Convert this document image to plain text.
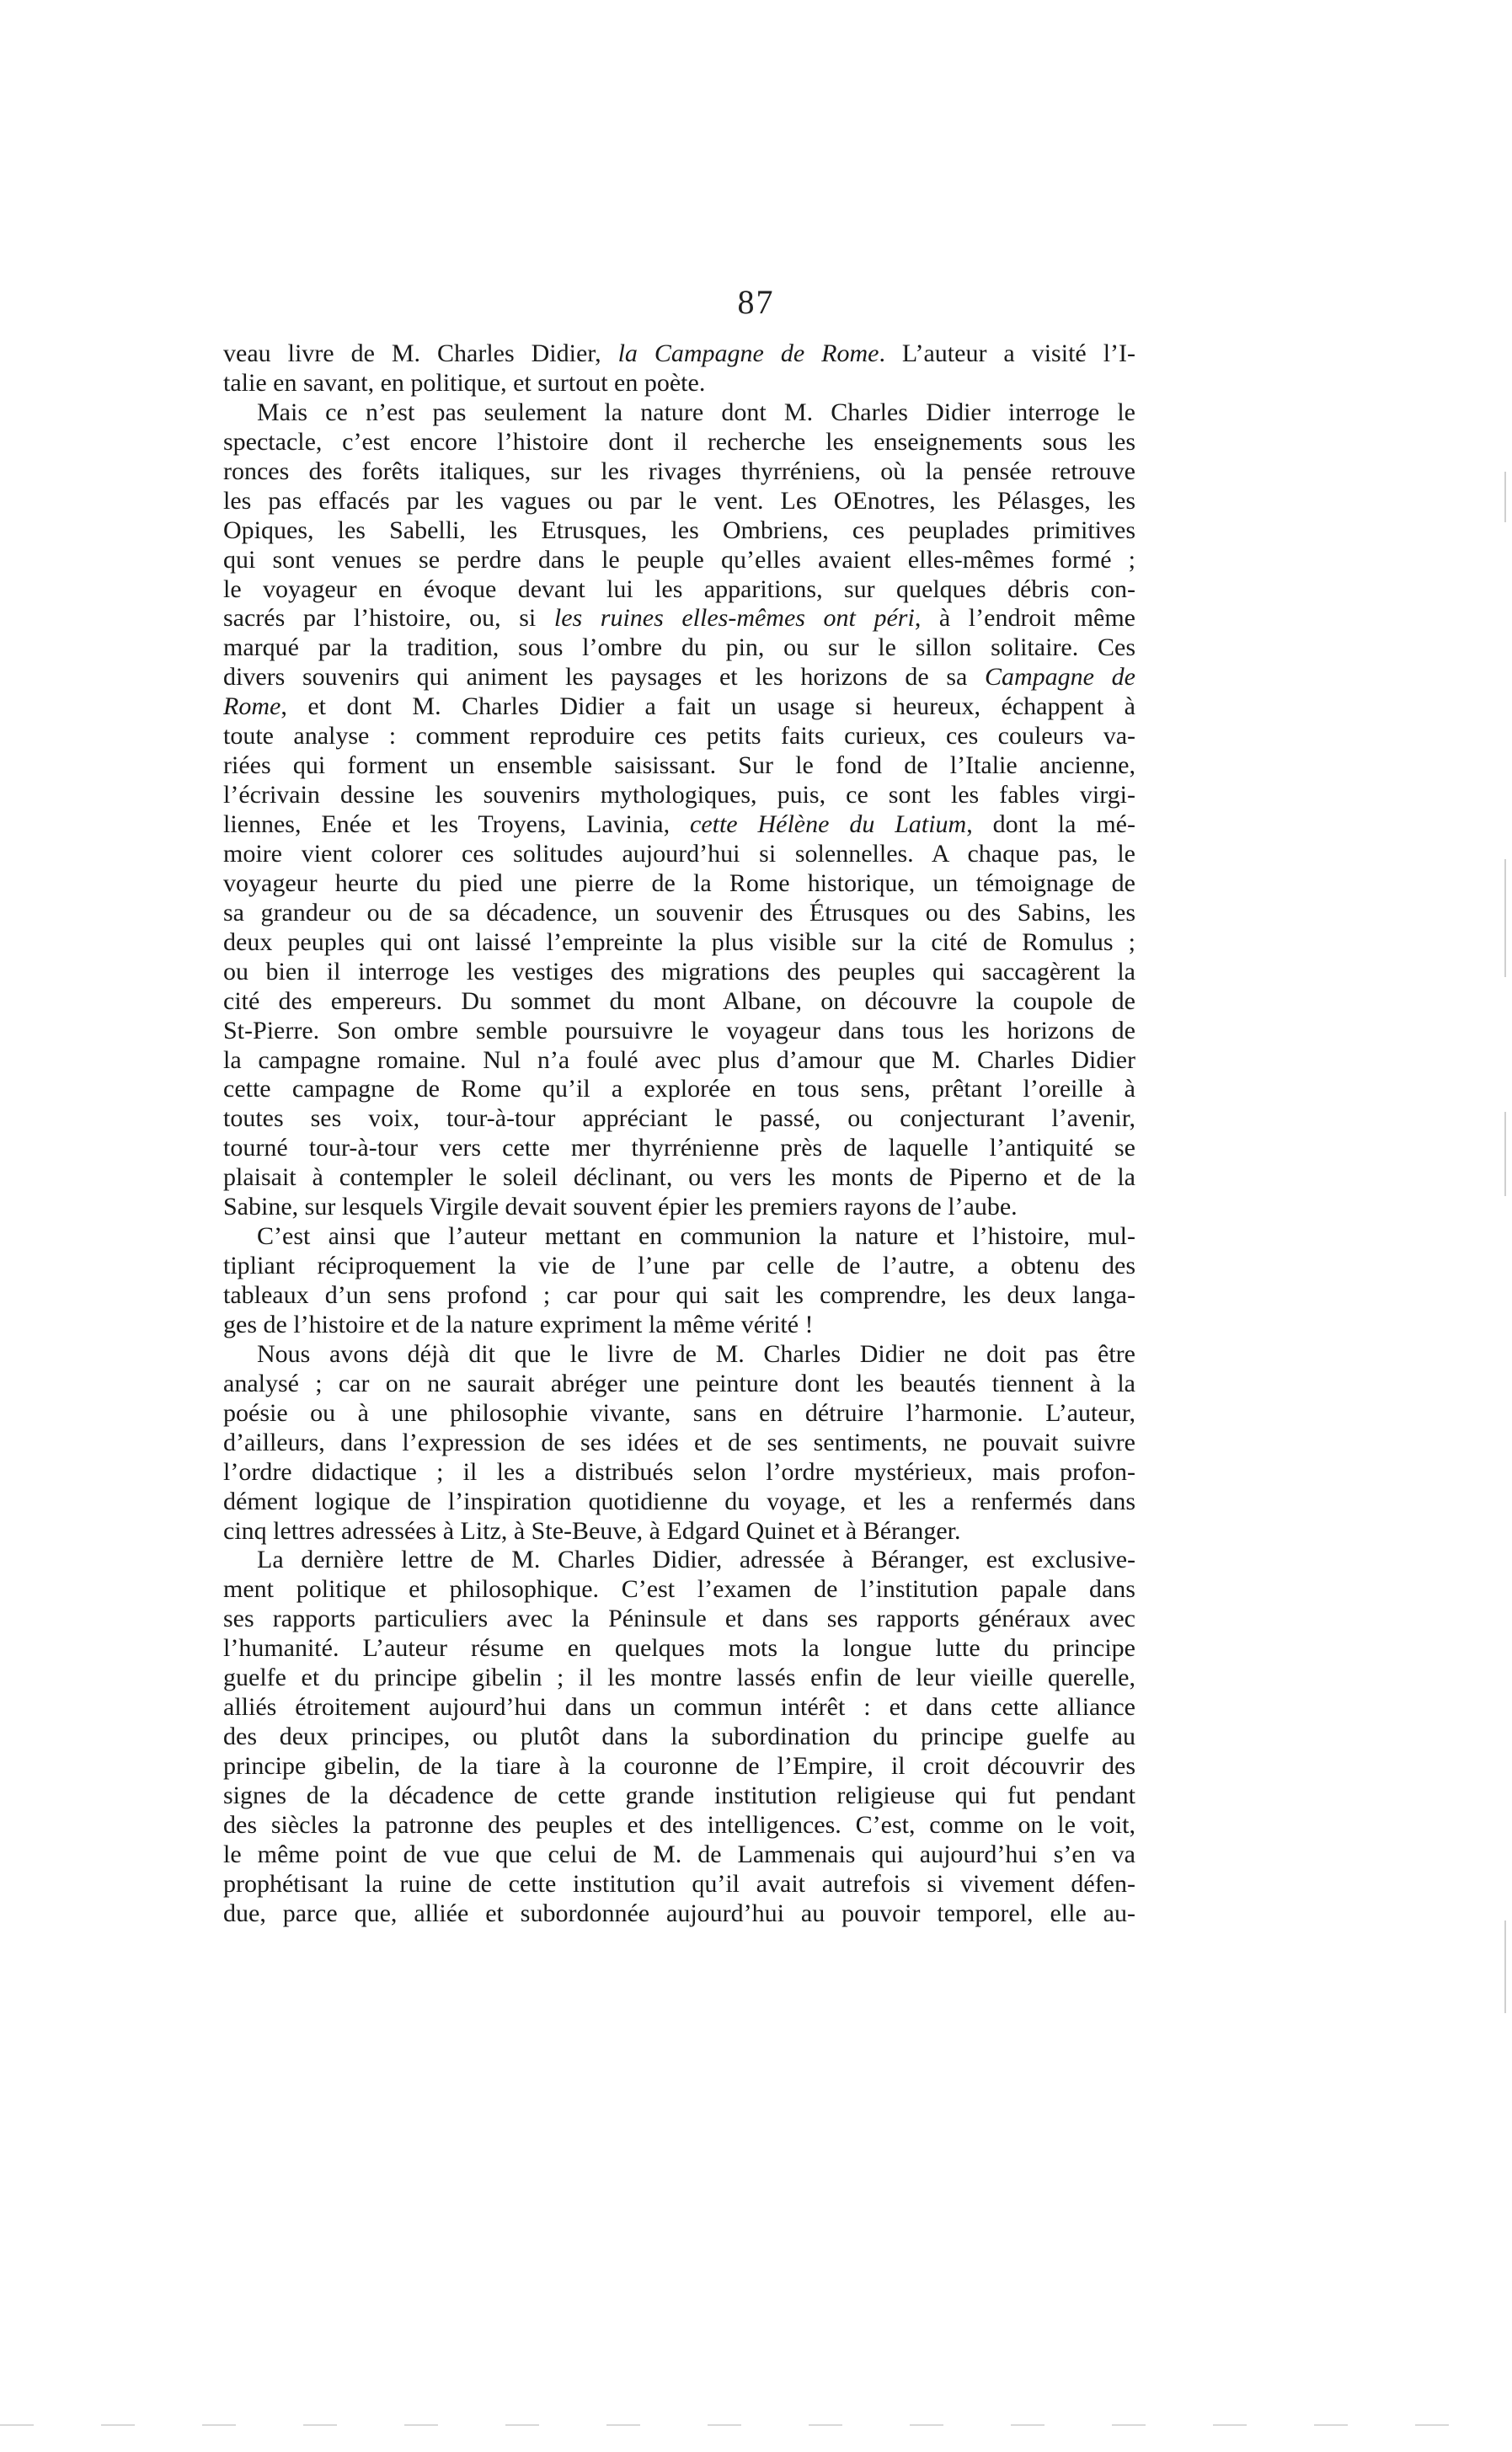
87
veau livre de M. Charles Didier, la Campagne de Rome. L’auteur a visité l’I-
talie en savant, en politique, et surtout en poète.
Mais ce n’est pas seulement la nature dont M. Charles Didier interroge le
spectacle, c’est encore l’histoire dont il recherche les enseignements sous les
ronces des forêts italiques, sur les rivages thyrréniens, où la pensée retrouve
les pas effacés par les vagues ou par le vent. Les OEnotres, les Pélasges, les
Opiques, les Sabelli, les Etrusques, les Ombriens, ces peuplades primitives
qui sont venues se perdre dans le peuple qu’elles avaient elles-mêmes formé ;
le voyageur en évoque devant lui les apparitions, sur quelques débris con-
sacrés par l’histoire, ou, si les ruines elles-mêmes ont péri, à l’endroit même
marqué par la tradition, sous l’ombre du pin, ou sur le sillon solitaire. Ces
divers souvenirs qui animent les paysages et les horizons de sa Campagne de
Rome, et dont M. Charles Didier a fait un usage si heureux, échappent à
toute analyse : comment reproduire ces petits faits curieux, ces couleurs va-
riées qui forment un ensemble saisissant. Sur le fond de l’Italie ancienne,
l’écrivain dessine les souvenirs mythologiques, puis, ce sont les fables virgi-
liennes, Enée et les Troyens, Lavinia, cette Hélène du Latium, dont la mé-
moire vient colorer ces solitudes aujourd’hui si solennelles. A chaque pas, le
voyageur heurte du pied une pierre de la Rome historique, un témoignage de
sa grandeur ou de sa décadence, un souvenir des Étrusques ou des Sabins, les
deux peuples qui ont laissé l’empreinte la plus visible sur la cité de Romulus ;
ou bien il interroge les vestiges des migrations des peuples qui saccagèrent la
cité des empereurs. Du sommet du mont Albane, on découvre la coupole de
St-Pierre. Son ombre semble poursuivre le voyageur dans tous les horizons de
la campagne romaine. Nul n’a foulé avec plus d’amour que M. Charles Didier
cette campagne de Rome qu’il a explorée en tous sens, prêtant l’oreille à
toutes ses voix, tour-à-tour appréciant le passé, ou conjecturant l’avenir,
tourné tour-à-tour vers cette mer thyrrénienne près de laquelle l’antiquité se
plaisait à contempler le soleil déclinant, ou vers les monts de Piperno et de la
Sabine, sur lesquels Virgile devait souvent épier les premiers rayons de l’aube.
C’est ainsi que l’auteur mettant en communion la nature et l’histoire, mul-
tipliant réciproquement la vie de l’une par celle de l’autre, a obtenu des
tableaux d’un sens profond ; car pour qui sait les comprendre, les deux langa-
ges de l’histoire et de la nature expriment la même vérité !
Nous avons déjà dit que le livre de M. Charles Didier ne doit pas être
analysé ; car on ne saurait abréger une peinture dont les beautés tiennent à la
poésie ou à une philosophie vivante, sans en détruire l’harmonie. L’auteur,
d’ailleurs, dans l’expression de ses idées et de ses sentiments, ne pouvait suivre
l’ordre didactique ; il les a distribués selon l’ordre mystérieux, mais profon-
dément logique de l’inspiration quotidienne du voyage, et les a renfermés dans
cinq lettres adressées à Litz, à Ste-Beuve, à Edgard Quinet et à Béranger.
La dernière lettre de M. Charles Didier, adressée à Béranger, est exclusive-
ment politique et philosophique. C’est l’examen de l’institution papale dans
ses rapports particuliers avec la Péninsule et dans ses rapports généraux avec
l’humanité. L’auteur résume en quelques mots la longue lutte du principe
guelfe et du principe gibelin ; il les montre lassés enfin de leur vieille querelle,
alliés étroitement aujourd’hui dans un commun intérêt : et dans cette alliance
des deux principes, ou plutôt dans la subordination du principe guelfe au
principe gibelin, de la tiare à la couronne de l’Empire, il croit découvrir des
signes de la décadence de cette grande institution religieuse qui fut pendant
des siècles la patronne des peuples et des intelligences. C’est, comme on le voit,
le même point de vue que celui de M. de Lammenais qui aujourd’hui s’en va
prophétisant la ruine de cette institution qu’il avait autrefois si vivement défen-
due, parce que, alliée et subordonnée aujourd’hui au pouvoir temporel, elle au-
